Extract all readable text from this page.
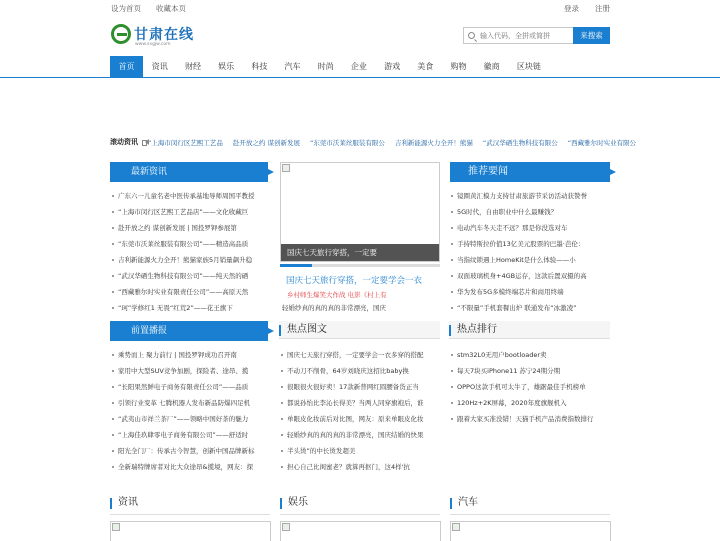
设为首页 收藏本页	登录 注册
甘肃在线
www.sxgjw.com
输入代码，全拼或简拼
来搜索
首页	资讯	财经	娱乐	科技	汽车	时尚	企业	游戏	美食	购物	徽商	区块链
滚动资讯 “上海市闵行区艺熙工艺品 赴开放之约 谋创新发展 “东莞市沃莱丝服装有限公 吉利新能源火力全开！熊猫 “武汉华硒生物科技有限公 “西藏雅尔时实业有限公
最新资讯
广东六一儿童名老中医传承基地导师周国平教授
“上海市闵行区艺熙工艺品店”——文化收藏巨
赴开放之约 谋创新发展 | 国投罗钾参展第
“东莞市沃莱丝服装有限公司”——精造高品质
吉利新能源火力全开！熊猫家族5月销量飙升稳
“武汉华硒生物科技有限公司”——纯天然的硒
“西藏雅尔时实业有限责任公司”——高原天然
“珂”学修红1 无畏“红荒2”——花王旗下
前置播报
乘势而上 聚力前行 | 国投罗钾成功召开南
家用中大型SUV竞争加剧，探险者、途昂、揽
“长阳果然鲜电子商务有限责任公司”——品质
引领行业变革 七腾机器人发布新品防爆四足机
“武夷山市祥兰茶厂”——领略中国好茶的魅力
“上海佳玖肆零电子商务有限公司”——舒适时
阳光全门厂：传承古今智慧，创新中国品牌新标
全新瑞特牌席者对比大众途昂&揽境，网友：探
国庆七天旅行穿搭，一定要
国庆七天旅行穿搭，一定要学会一衣
乡村师生爆笑大作战 电影《村上有
轻婚纱真的真的真的非常漂亮，国庆
焦点图文
国庆七天旅行穿搭，一定要学会一衣多穿的搭配
不动刀不削骨，64岁刘晓庆这招比baby换
很眼很火很好卖！17款新普网红圆腰备货正当
都说孙怡比李沁长得美？当两人同穿旗袍后，谁
单眼皮化妆前后对比图，网友：原来单眼皮化妆
轻婚纱真的真的真的非常漂亮，国庆结婚的快果
半头烫”的中长烫发超美
担心自己比闺蜜老？就算再抠门，这4样'抗
推荐要闻
镜圈黄汇模力支持甘肃旅游节采访活动获赞誉
5G时代，自由职业中什么最赚钱？
电动汽车冬天走不远？那是你没选对车
手持特斯拉价值13亿美元股票的巴墨·芭伦：
当指纹锁遇上HomeKit是什么体验——小
双面玻璃机身+4GB运存，这款后置双摄的高
华为发布5G多模终端芯片和商用终端
“不限量”手机套餐出炉 联通发布“冰激凌”
热点排行
stm32L0无用户bootloader卖
每天7块买iPhone11 苏宁24期分期
OPPO这款手机可太牛了，雄踞最佳手机榜单
120Hz+2K屏幕，2020年度旗舰机入
跟着大家买准没错！天猫手机产品消费指数排行
资讯	娱乐	汽车
